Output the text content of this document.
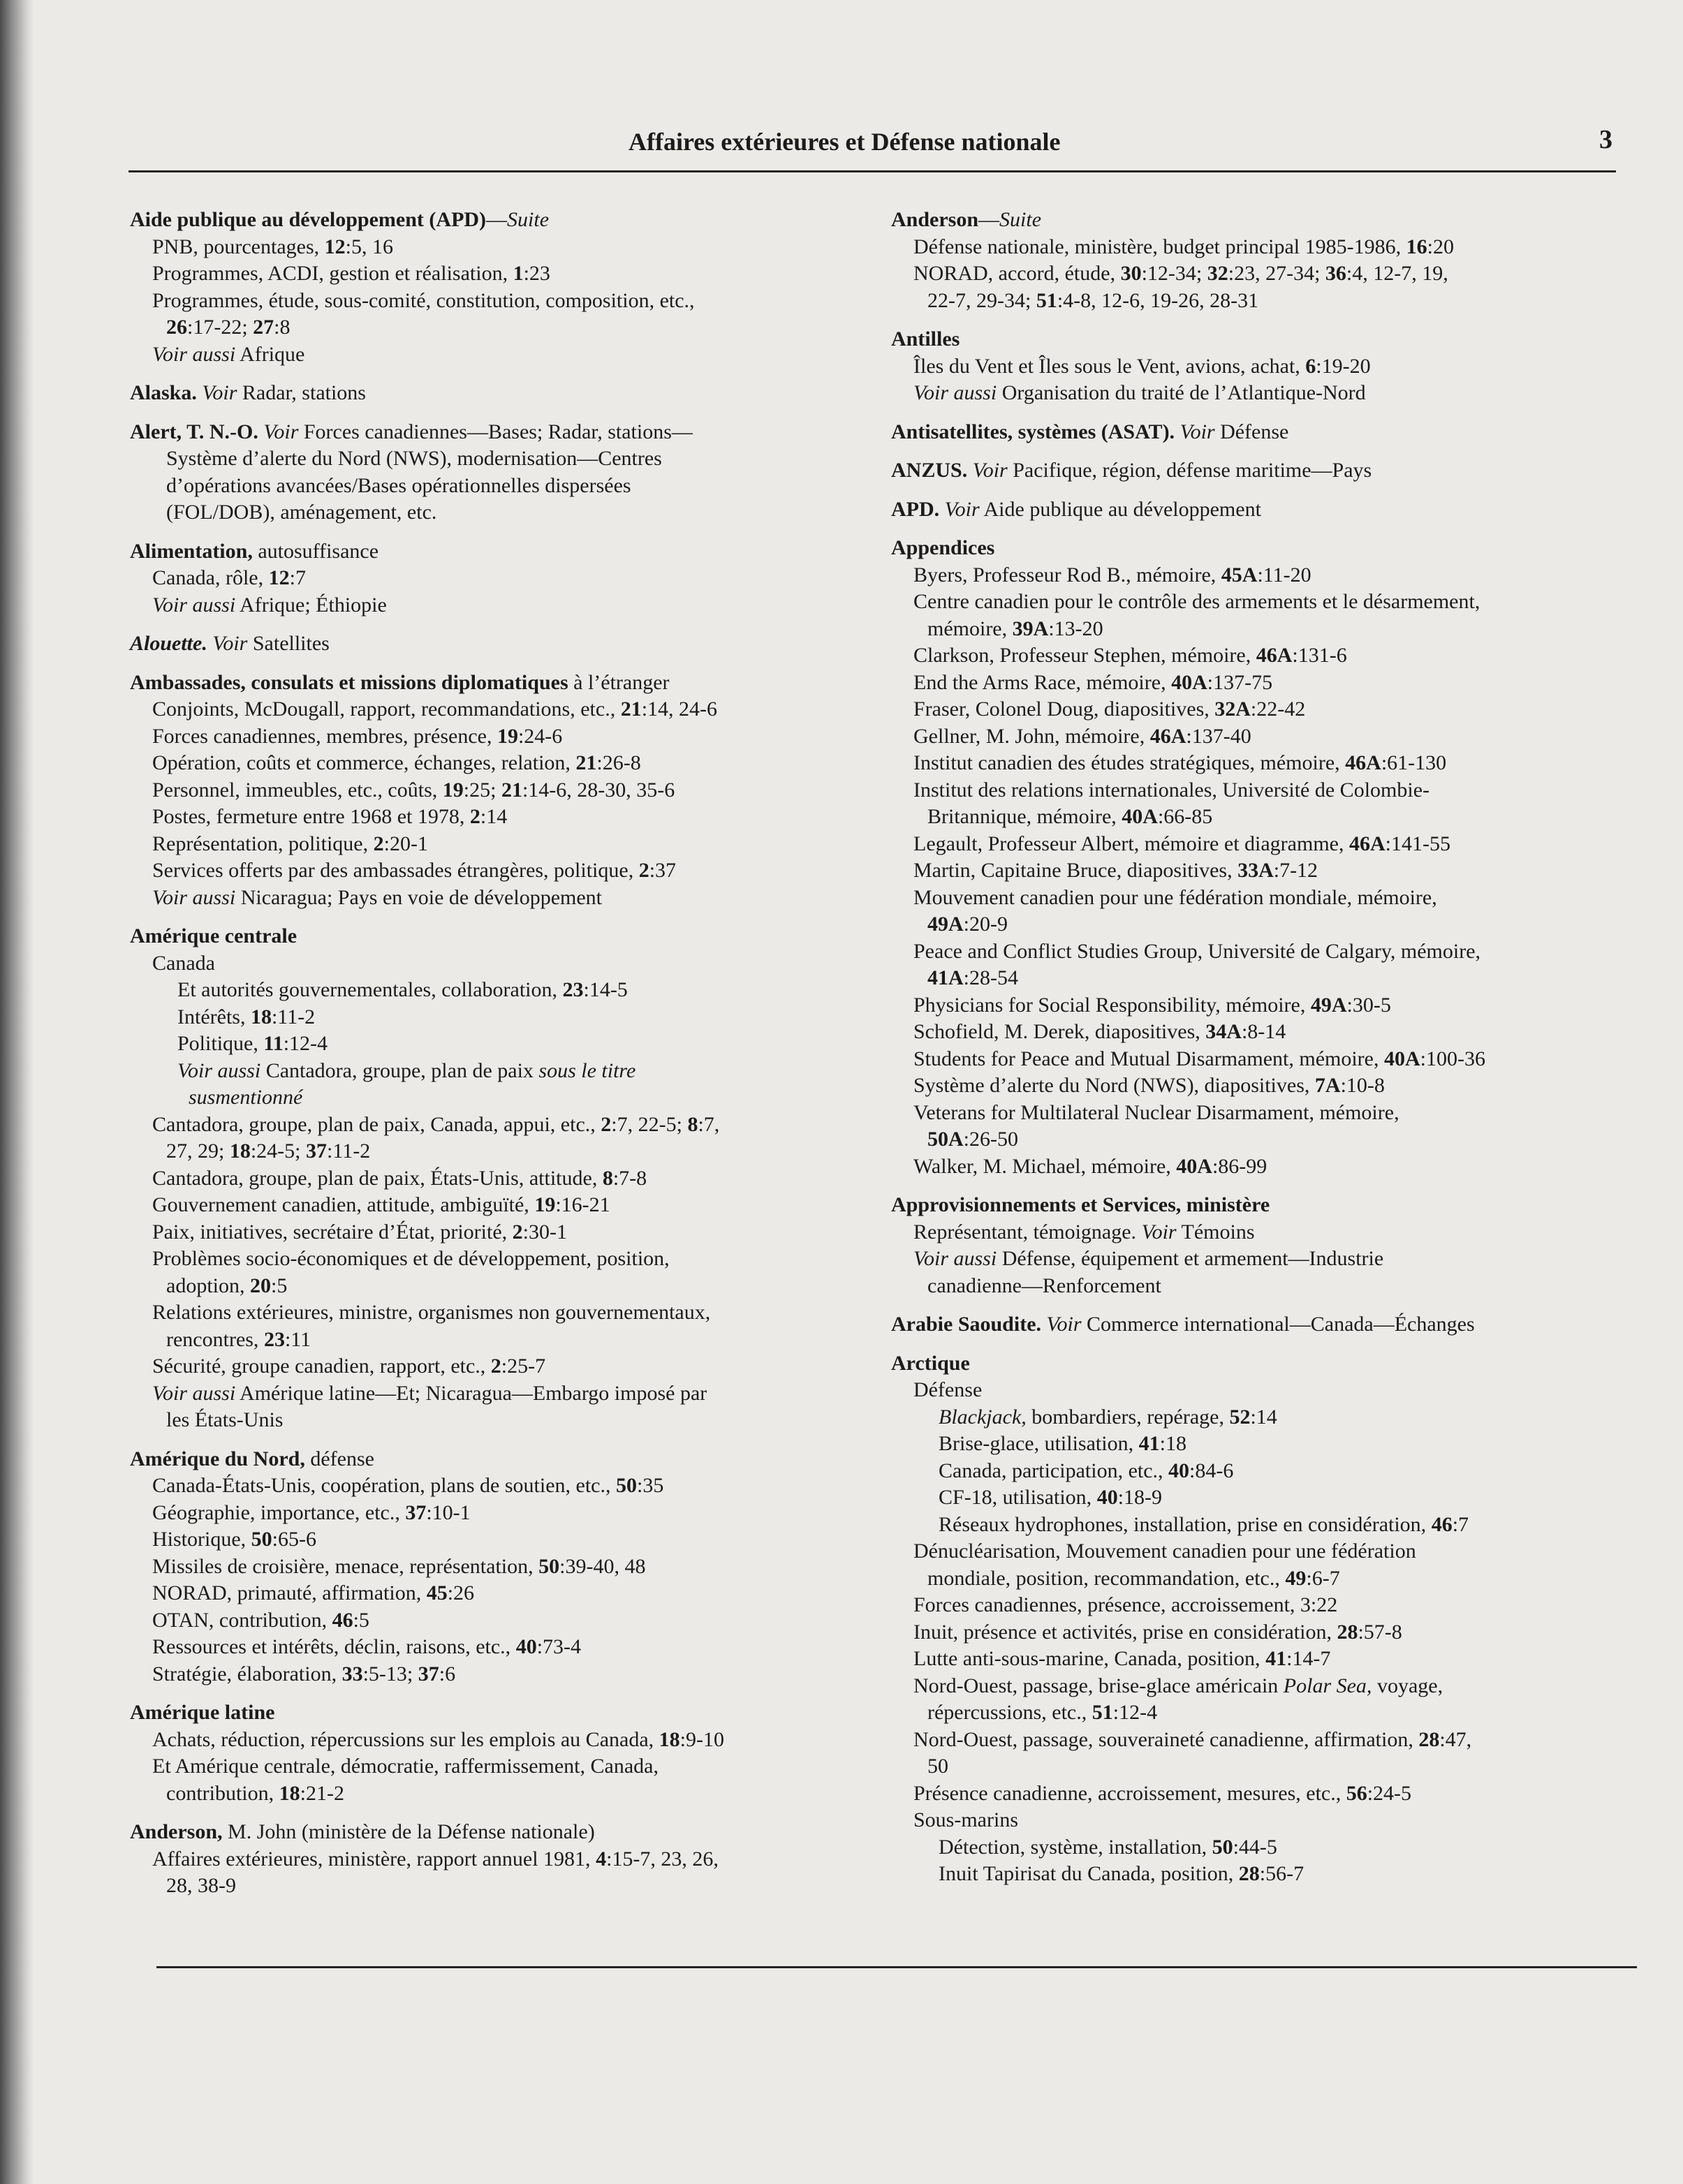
Affaires extérieures et Défense nationale	3
Aide publique au développement (APD)—Suite
PNB, pourcentages, 12:5, 16
Programmes, ACDI, gestion et réalisation, 1:23
Programmes, étude, sous-comité, constitution, composition, etc.,
26:17-22; 27:8
Voir aussi Afrique
Alaska. Voir Radar, stations
Alert, T. N.-O. Voir Forces canadiennes—Bases; Radar, stations—
Système d’alerte du Nord (NWS), modernisation—Centres
d’opérations avancées/Bases opérationnelles dispersées
(FOL/DOB), aménagement, etc.
Alimentation, autosuffisance
Canada, rôle, 12:7
Voir aussi Afrique; Éthiopie
Alouette. Voir Satellites
Ambassades, consulats et missions diplomatiques à l’étranger
Conjoints, McDougall, rapport, recommandations, etc., 21:14, 24-6
Forces canadiennes, membres, présence, 19:24-6
Opération, coûts et commerce, échanges, relation, 21:26-8
Personnel, immeubles, etc., coûts, 19:25; 21:14-6, 28-30, 35-6
Postes, fermeture entre 1968 et 1978, 2:14
Représentation, politique, 2:20-1
Services offerts par des ambassades étrangères, politique, 2:37
Voir aussi Nicaragua; Pays en voie de développement
Amérique centrale
Canada
Et autorités gouvernementales, collaboration, 23:14-5
Intérêts, 18:11-2
Politique, 11:12-4
Voir aussi Cantadora, groupe, plan de paix sous le titre
susmentionné
Cantadora, groupe, plan de paix, Canada, appui, etc., 2:7, 22-5; 8:7,
27, 29; 18:24-5; 37:11-2
Cantadora, groupe, plan de paix, États-Unis, attitude, 8:7-8
Gouvernement canadien, attitude, ambiguïté, 19:16-21
Paix, initiatives, secrétaire d’État, priorité, 2:30-1
Problèmes socio-économiques et de développement, position,
adoption, 20:5
Relations extérieures, ministre, organismes non gouvernementaux,
rencontres, 23:11
Sécurité, groupe canadien, rapport, etc., 2:25-7
Voir aussi Amérique latine—Et; Nicaragua—Embargo imposé par
les États-Unis
Amérique du Nord, défense
Canada-États-Unis, coopération, plans de soutien, etc., 50:35
Géographie, importance, etc., 37:10-1
Historique, 50:65-6
Missiles de croisière, menace, représentation, 50:39-40, 48
NORAD, primauté, affirmation, 45:26
OTAN, contribution, 46:5
Ressources et intérêts, déclin, raisons, etc., 40:73-4
Stratégie, élaboration, 33:5-13; 37:6
Amérique latine
Achats, réduction, répercussions sur les emplois au Canada, 18:9-10
Et Amérique centrale, démocratie, raffermissement, Canada,
contribution, 18:21-2
Anderson, M. John (ministère de la Défense nationale)
Affaires extérieures, ministère, rapport annuel 1981, 4:15-7, 23, 26,
28, 38-9
Anderson—Suite
Défense nationale, ministère, budget principal 1985-1986, 16:20
NORAD, accord, étude, 30:12-34; 32:23, 27-34; 36:4, 12-7, 19,
22-7, 29-34; 51:4-8, 12-6, 19-26, 28-31
Antilles
Îles du Vent et Îles sous le Vent, avions, achat, 6:19-20
Voir aussi Organisation du traité de l’Atlantique-Nord
Antisatellites, systèmes (ASAT). Voir Défense
ANZUS. Voir Pacifique, région, défense maritime—Pays
APD. Voir Aide publique au développement
Appendices
Byers, Professeur Rod B., mémoire, 45A:11-20
Centre canadien pour le contrôle des armements et le désarmement,
mémoire, 39A:13-20
Clarkson, Professeur Stephen, mémoire, 46A:131-6
End the Arms Race, mémoire, 40A:137-75
Fraser, Colonel Doug, diapositives, 32A:22-42
Gellner, M. John, mémoire, 46A:137-40
Institut canadien des études stratégiques, mémoire, 46A:61-130
Institut des relations internationales, Université de Colombie-
Britannique, mémoire, 40A:66-85
Legault, Professeur Albert, mémoire et diagramme, 46A:141-55
Martin, Capitaine Bruce, diapositives, 33A:7-12
Mouvement canadien pour une fédération mondiale, mémoire,
49A:20-9
Peace and Conflict Studies Group, Université de Calgary, mémoire,
41A:28-54
Physicians for Social Responsibility, mémoire, 49A:30-5
Schofield, M. Derek, diapositives, 34A:8-14
Students for Peace and Mutual Disarmament, mémoire, 40A:100-36
Système d’alerte du Nord (NWS), diapositives, 7A:10-8
Veterans for Multilateral Nuclear Disarmament, mémoire,
50A:26-50
Walker, M. Michael, mémoire, 40A:86-99
Approvisionnements et Services, ministère
Représentant, témoignage. Voir Témoins
Voir aussi Défense, équipement et armement—Industrie
canadienne—Renforcement
Arabie Saoudite. Voir Commerce international—Canada—Échanges
Arctique
Défense
Blackjack, bombardiers, repérage, 52:14
Brise-glace, utilisation, 41:18
Canada, participation, etc., 40:84-6
CF-18, utilisation, 40:18-9
Réseaux hydrophones, installation, prise en considération, 46:7
Dénucléarisation, Mouvement canadien pour une fédération
mondiale, position, recommandation, etc., 49:6-7
Forces canadiennes, présence, accroissement, 3:22
Inuit, présence et activités, prise en considération, 28:57-8
Lutte anti-sous-marine, Canada, position, 41:14-7
Nord-Ouest, passage, brise-glace américain Polar Sea, voyage,
répercussions, etc., 51:12-4
Nord-Ouest, passage, souveraineté canadienne, affirmation, 28:47,
50
Présence canadienne, accroissement, mesures, etc., 56:24-5
Sous-marins
Détection, système, installation, 50:44-5
Inuit Tapirisat du Canada, position, 28:56-7
